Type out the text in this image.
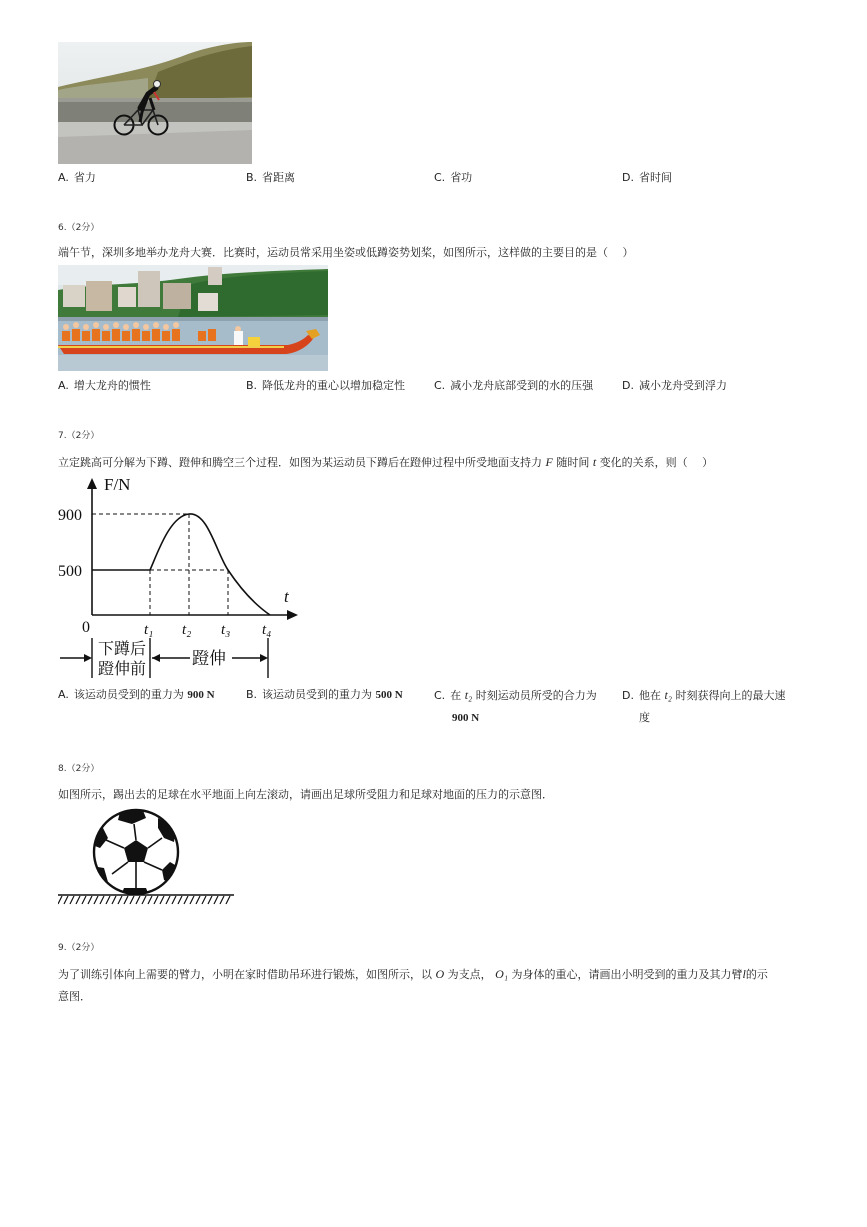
A. 省力	B. 省距离	C. 省功	D. 省时间
6.（2分）
端午节，深圳多地举办龙舟大赛．比赛时，运动员常采用坐姿或低蹲姿势划桨，如图所示，这样做的主要目的是（　 ）
A. 增大龙舟的惯性	B. 降低龙舟的重心以增加稳定性	C. 减小龙舟底部受到的水的压强	D. 减小龙舟受到浮力
7.（2分）
立定跳高可分解为下蹲、蹬伸和腾空三个过程．如图为某运动员下蹲后在蹬伸过程中所受地面支持力 F 随时间 t 变化的关系，则（　 ）
F/N
t
0
900
500
t₁ t₂ t₃ t₄
下蹲后
蹬伸前	蹬伸
A. 该运动员受到的重力为 900 N	B. 该运动员受到的重力为 500 N	C. 在 t₂ 时刻运动员所受的合力为
900 N
D. 他在 t₂ 时刻获得向上的最大速
度
8.（2分）
如图所示，踢出去的足球在水平地面上向左滚动，请画出足球所受阻力和足球对地面的压力的示意图．
9.（2分）
为了训练引体向上需要的臂力，小明在家时借助吊环进行锻炼，如图所示，以 O 为支点， O₁ 为身体的重心，请画出小明受到的重力及其力臂l的示
意图．
